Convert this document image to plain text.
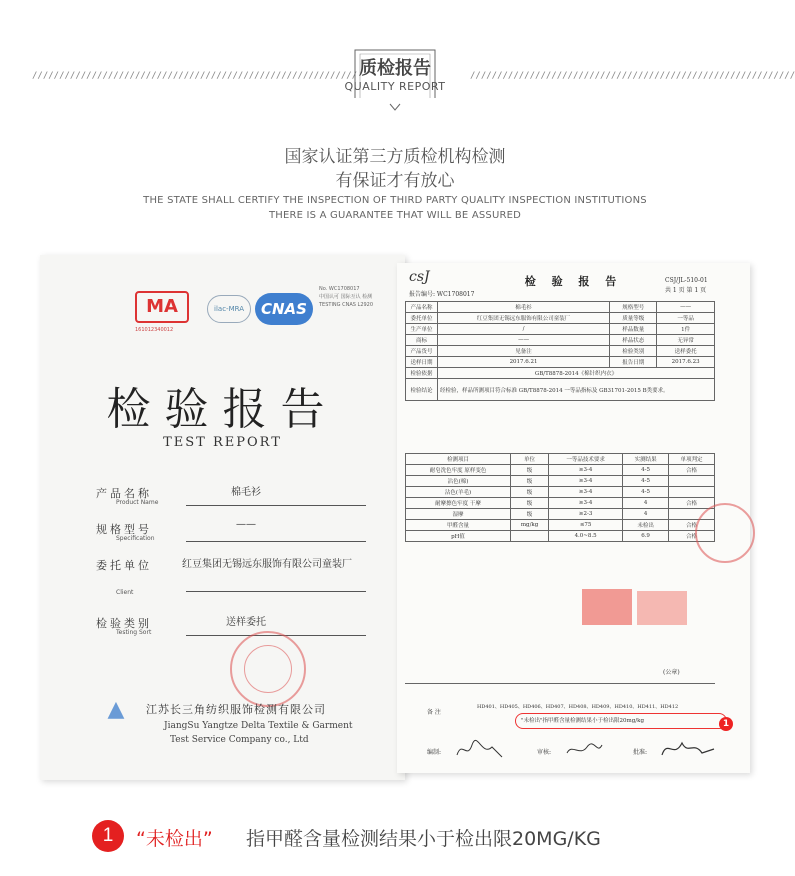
////////////////////////////////////////////////////////////	////////////////////////////////////////////////////////////
质检报告
QUALITY REPORT
国家认证第三方质检机构检测
有保证才有放心
THE STATE SHALL CERTIFY THE INSPECTION OF THIRD PARTY QUALITY INSPECTION INSTITUTIONS
THERE IS A GUARANTEE THAT WILL BE ASSURED
MA
161012340012
ilac-MRA	CNAS
No. WC1708017
中国认可 国际互认 检测 TESTING CNAS L2920
检验报告
TEST REPORT
产品名称
Product Name
棉毛衫
规格型号
Specification
——
委托单位
Client
红豆集团无锡远东服饰有限公司童装厂
检验类别
Testing Sort
送样委托
▲	江苏长三角纺织服饰检测有限公司
JiangSu Yangtze Delta Textile & Garment
Test Service Company co., Ltd
csJ	检 验 报 告	CSJ/JL-510-01
共 1 页 第 1 页
报告编号: WC1708017
产品名称	棉毛衫	规格型号	——
委托单位	红豆集团无锡远东服饰有限公司童装厂	质量等级	一等品
生产单位	/	样品数量	1件
商标	——	样品状态	无异常
产品货号	见备注	检验类别	送样委托
送样日期	2017.6.21	报告日期	2017.6.23
检验依据	GB/T8878-2014《棉针织内衣》		
检验结论	经检验，样品所测项目符合标准 GB/T8878-2014 一等品指标及 GB31701-2015 B类要求。		
检测项目	单位	一等品技术要求	实测结果	单项判定
耐皂洗色牢度 原样变色	级	≥3-4	4-5	合格
沾色(棉)	级	≥3-4	4-5	
沾色(羊毛)	级	≥3-4	4-5	
耐摩擦色牢度 干摩	级	≥3-4	4	合格
湿摩	级	≥2-3	4	
甲醛含量	mg/kg	≤75	未检出	合格
pH值		4.0~8.5	6.9	合格
(公章)
备 注
HD401、HD405、HD406、HD407、HD408、HD409、HD410、HD411、HD412
"未检出"指甲醛含量检测结果小于检出限20mg/kg	1
编制:	审核:	批准:
1	“未检出” 指甲醛含量检测结果小于检出限20MG/KG
